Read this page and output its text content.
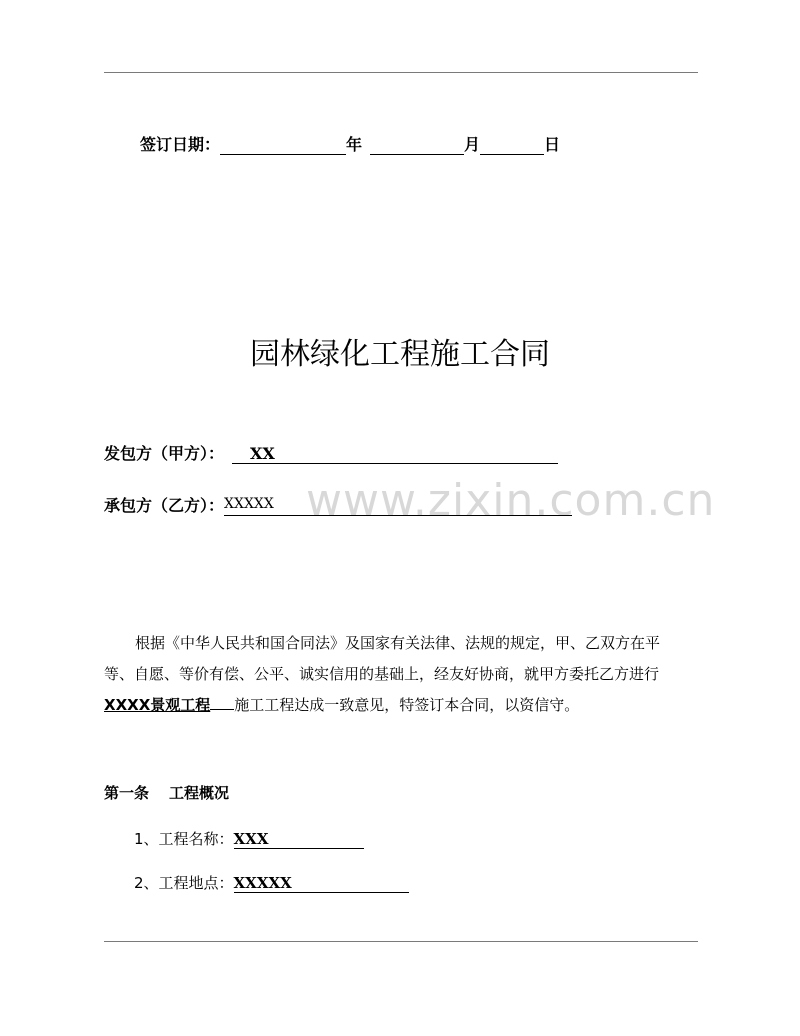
签订日期：	年	月	日
园林绿化工程施工合同
发包方（甲方）：	XX
www.zixin.com.cn
承包方（乙方）： XXXXX
根据《中华人民共和国合同法》及国家有关法律、法规的规定，甲、乙双方在平
等、自愿、等价有偿、公平、诚实信用的基础上，经友好协商，就甲方委托乙方进行
XXXX景观工程 施工工程达成一致意见，特签订本合同，以资信守。
第一条 工程概况
1、工程名称： XXX
2、工程地点： XXXXX
